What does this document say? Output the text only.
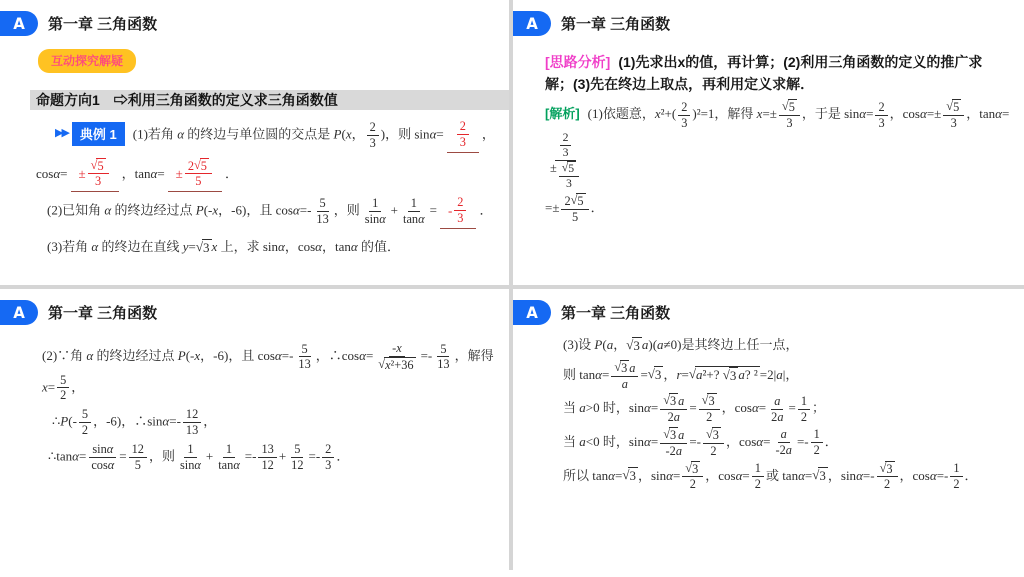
A 第一章 三角函数
互动探究解疑
命题方向1 ⇨利用三角函数的定义求三角函数值
▶▶ 典例 1	(1)若角 α 的终边与单位圆的交点是 P(x， $\frac{2}{3}$ )，则 $\sin\alpha= \frac{2}{3}$ ，
$\cos\alpha= \pm \frac{√ 5}{3}$ ，$\tan\alpha= \pm \frac{2 √ 5}{5}$ ．
(2)已知角 α 的终边经过点 P(-x，-6)，且 $\cos\alpha=- \frac{5}{13}$ ，则 $\frac{1}{\text{sin α}} + \frac{1}{\text{tan α}}$ = - $\frac{2}{3}$ ．
(3)若角 α 的终边在直线 y= √ 3 x 上，求 sinα，cosα，tanα 的值．
A 第一章 三角函数
[思路分析] (1)先求出x的值，再计算；(2)利用三角函数的定义的推广求解；(3)先在终边上取点，再利用定义求解．
[解析] (1)依题意，$x^2+( \frac{2}{3} )^2=1$，解得 $x=\pm \frac{√ 5}{3}$ ，于是 $\sin\alpha= \frac{2}{3}$ ，$\cos\alpha=\pm \frac{√ 5}{3}$ ，tanα=
$\frac{\frac{2}{3}}{\pm \frac{√ 5}{3}}$
=± $\frac{2 √ 5}{5}$ ．
A 第一章 三角函数
(2)∵角 α 的终边经过点 P(-x，-6)，且 $\cos\alpha=- \frac{5}{13}$ ，∴cosα= $\frac{- x}{\text{√ x²+36}} =- \frac{5}{13}$ ，解得 $x= \frac{5}{2}$ ，
∴P(- $\frac{5}{2}$ ，-6)，∴sinα=- $\frac{12}{13}$ ，
∴tanα= $\frac{\text{sin α}}{\text{cos α}} = \frac{12}{5}$ ，则 $\frac{1}{\text{sin α}} + \frac{1}{\text{tan α}} =- \frac{13}{12} + \frac{5}{12} =- \frac{2}{3}$ ．
A 第一章 三角函数
(3)设 P(a， √ 3 a)(a≠0)是其终边上任一点，
则 $\tan\alpha= \frac{√ 3 a}{a}$ = √ 3 ，r= √ a²+? √ 3 a? ² =2|a|，
当 a>0 时，$\sin\alpha= \frac{√ 3 a}{2 a} = \frac{√ 3}{2}$ ，$\cos\alpha= \frac{a}{2 a} = \frac{1}{2}$ ；
当 a<0 时，$\sin\alpha= \frac{√ 3 a}{-2 a} =- \frac{√ 3}{2}$ ，$\cos\alpha= \frac{a}{-2 a} =- \frac{1}{2}$ ．
所以 tanα= √ 3 ，$\sin\alpha= \frac{√ 3}{2}$ ，$\cos\alpha= \frac{1}{2}$ 或 tanα= √ 3 ，$\sin\alpha=- \frac{√ 3}{2}$ ，$\cos\alpha=- \frac{1}{2}$ ．
